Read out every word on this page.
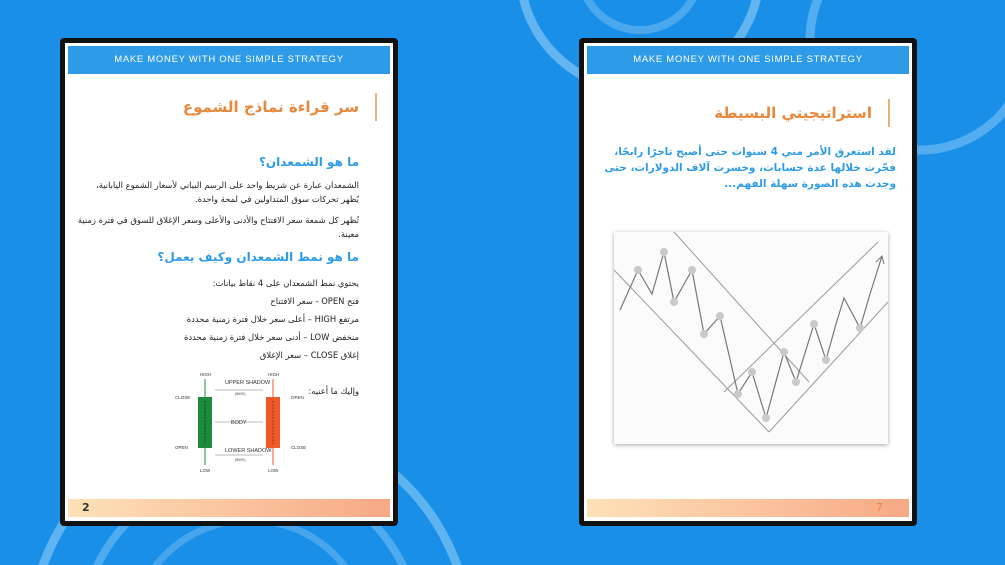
MAKE MONEY WITH ONE SIMPLE STRATEGY
سر قراءة نماذج الشموع
ما هو الشمعدان؟
الشمعدان عبارة عن شريط واحد على الرسم البياني لأسعار الشموع اليابانية، يُظهر تحركات سوق المتداولين في لمحة واحدة.
تُظهر كل شمعة سعر الافتتاح والأدنى والأعلى وسعر الإغلاق للسوق في فترة زمنية معينة.
ما هو نمط الشمعدان وكيف يعمل؟
يحتوي نمط الشمعدان على 4 نقاط بيانات:
فتح OPEN - سعر الافتتاح
مرتفع HIGH – أعلى سعر خلال فترة زمنية محددة
منخفض LOW – أدنى سعر خلال فترة زمنية محددة
إغلاق CLOSE – سعر الإغلاق
وإليك ما أعنيه:
HIGH
CLOSE
OPEN
LOW
HIGH
OPEN
CLOSE
LOW
UPPER SHADOW
(WICK)
BODY
LOWER SHADOW
(WICK)
2
MAKE MONEY WITH ONE SIMPLE STRATEGY
استراتيجيتي البسيطة
لقد استغرق الأمر مني 4 سنوات حتى أصبح تاجرًا رابحًا، فجّرت خلالها عدة حسابات، وخسرت آلاف الدولارات، حتى وجدت هذه الصورة سهلة الفهم...
7
